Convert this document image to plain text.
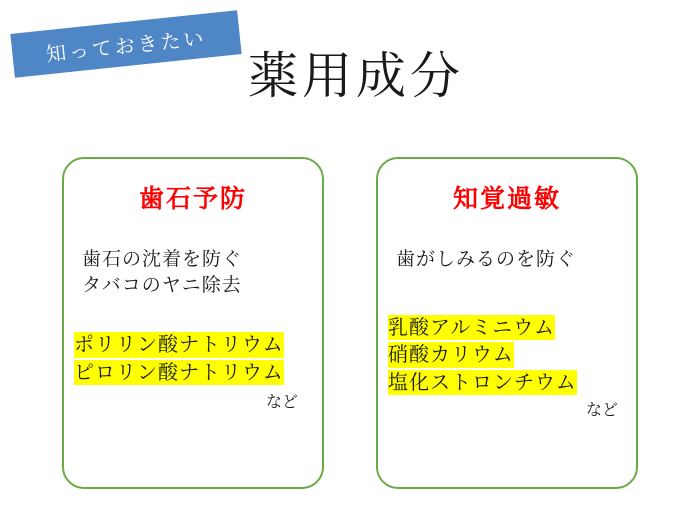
知っておきたい
薬用成分
歯石予防
歯石の沈着を防ぐ
タバコのヤニ除去
ポリリン酸ナトリウム
ピロリン酸ナトリウム
など
知覚過敏
歯がしみるのを防ぐ
乳酸アルミニウム
硝酸カリウム
塩化ストロンチウム
など
